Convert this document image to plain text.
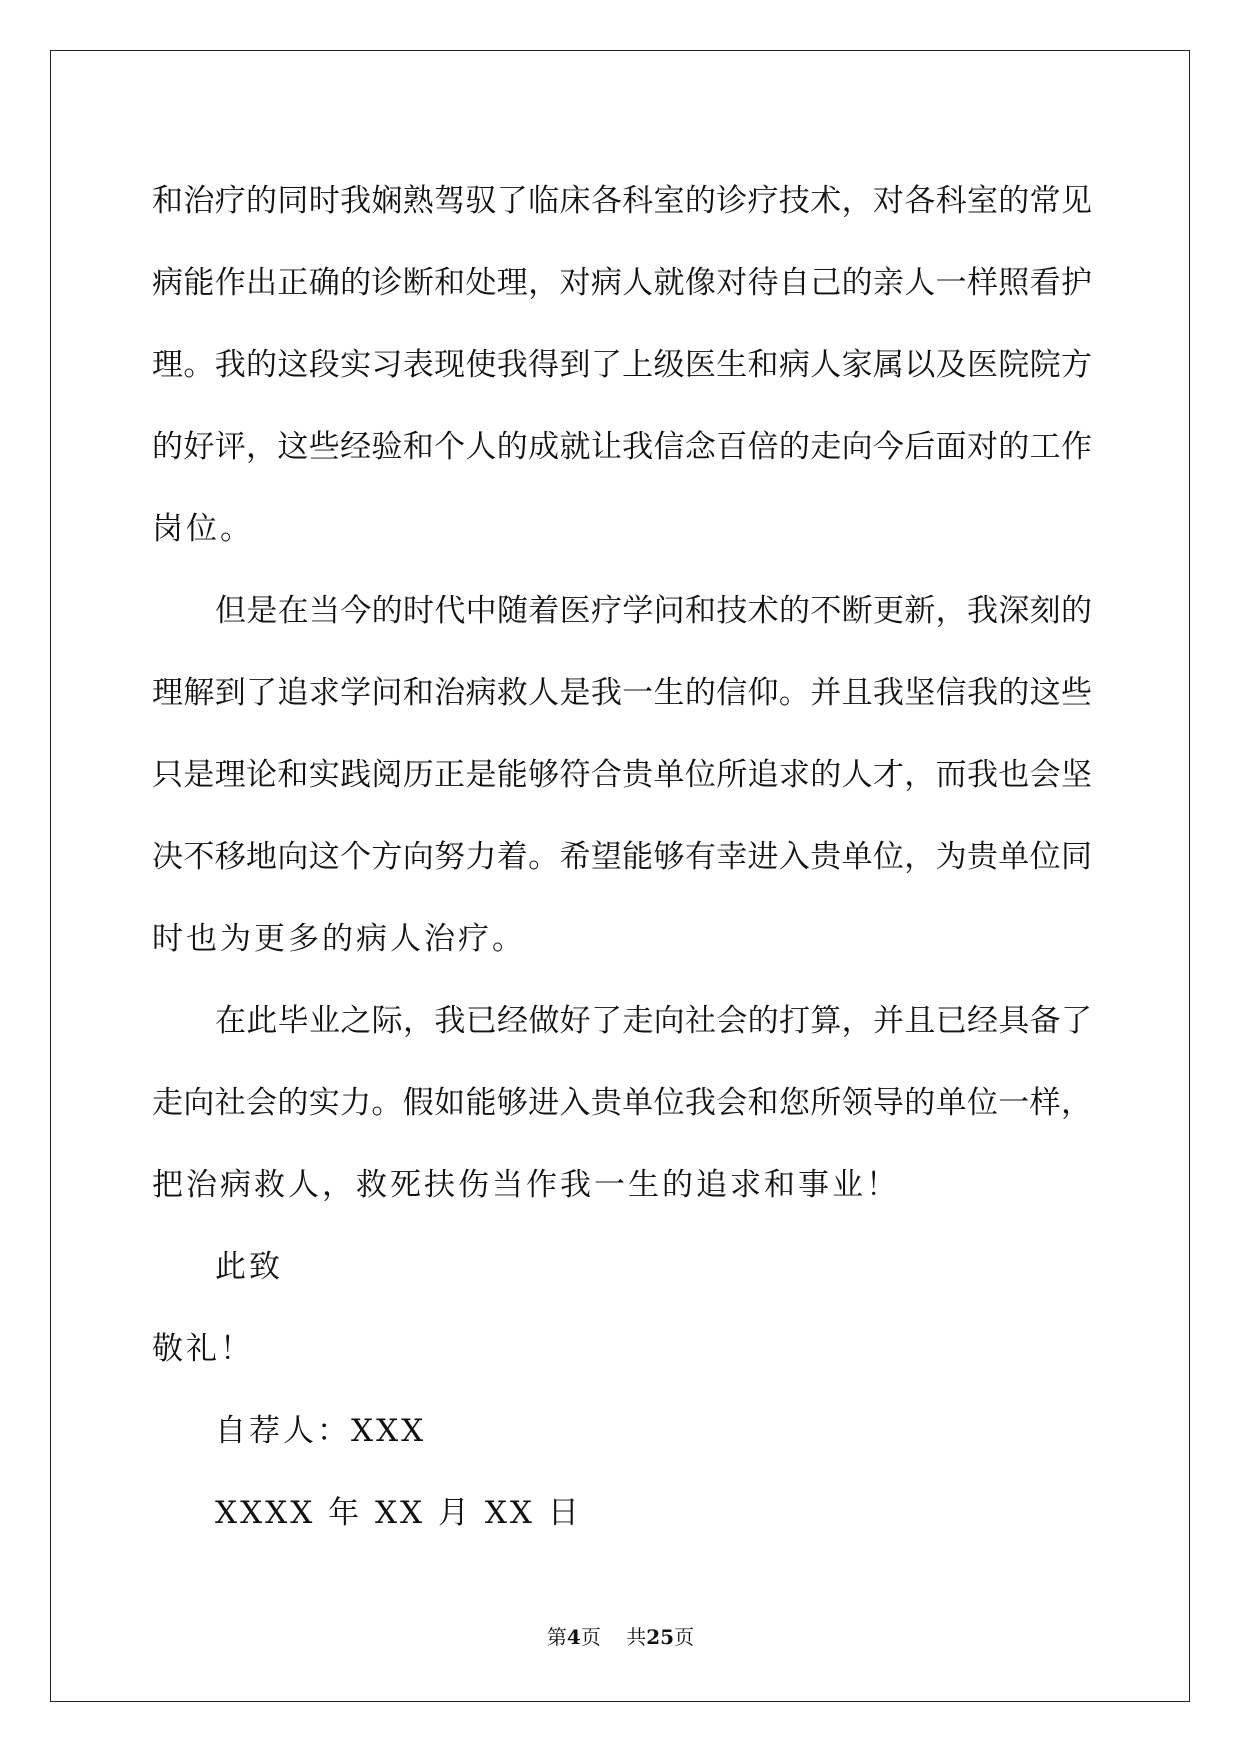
和治疗的同时我娴熟驾驭了临床各科室的诊疗技术，对各科室的常见
病能作出正确的诊断和处理，对病人就像对待自己的亲人一样照看护
理。我的这段实习表现使我得到了上级医生和病人家属以及医院院方
的好评，这些经验和个人的成就让我信念百倍的走向今后面对的工作
岗位。
但是在当今的时代中随着医疗学问和技术的不断更新，我深刻的
理解到了追求学问和治病救人是我一生的信仰。并且我坚信我的这些
只是理论和实践阅历正是能够符合贵单位所追求的人才，而我也会坚
决不移地向这个方向努力着。希望能够有幸进入贵单位，为贵单位同
时也为更多的病人治疗。
在此毕业之际，我已经做好了走向社会的打算，并且已经具备了
走向社会的实力。假如能够进入贵单位我会和您所领导的单位一样，
把治病救人，救死扶伤当作我一生的追求和事业！
此致
敬礼！
自荐人：XXX
XXXX 年 XX 月 XX 日
第4页 共25页
